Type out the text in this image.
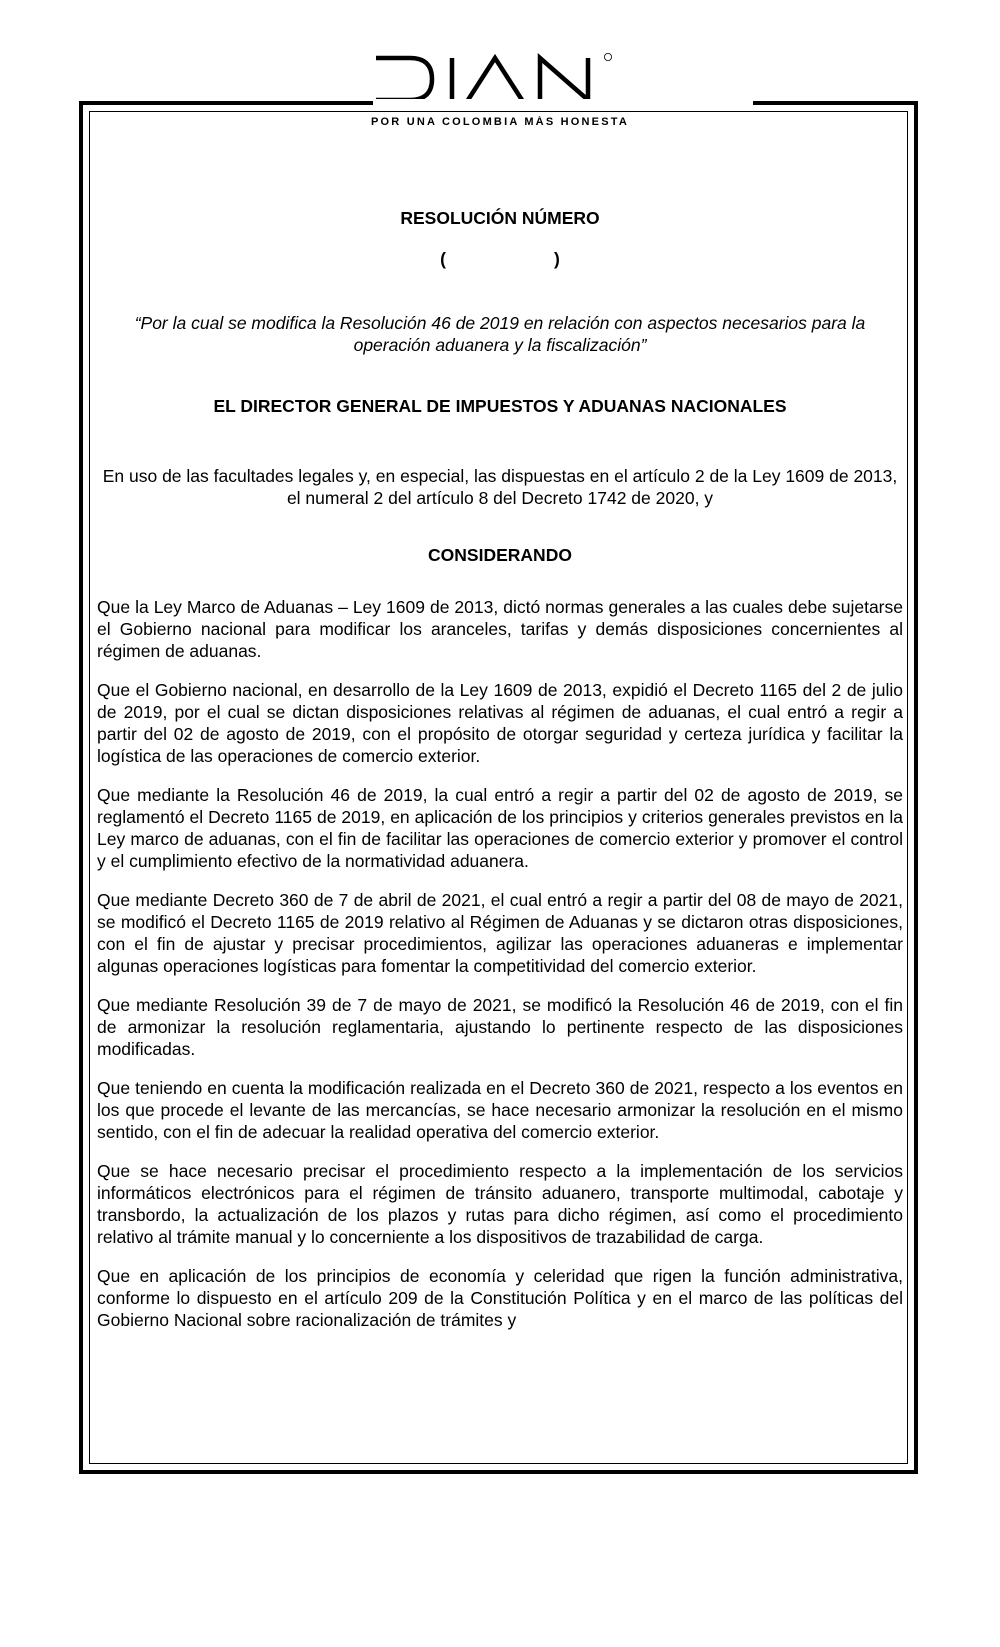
POR UNA COLOMBIA MÁS HONESTA

RESOLUCIÓN NÚMERO

(	)

“Por la cual se modifica la Resolución 46 de 2019 en relación con aspectos necesarios para la operación aduanera y la fiscalización”

EL DIRECTOR GENERAL DE IMPUESTOS Y ADUANAS NACIONALES

En uso de las facultades legales y, en especial, las dispuestas en el artículo 2 de la Ley 1609 de 2013, el numeral 2 del artículo 8 del Decreto 1742 de 2020, y

CONSIDERANDO

Que la Ley Marco de Aduanas – Ley 1609 de 2013, dictó normas generales a las cuales debe sujetarse el Gobierno nacional para modificar los aranceles, tarifas y demás disposiciones concernientes al régimen de aduanas.

Que el Gobierno nacional, en desarrollo de la Ley 1609 de 2013, expidió el Decreto 1165 del 2 de julio de 2019, por el cual se dictan disposiciones relativas al régimen de aduanas, el cual entró a regir a partir del 02 de agosto de 2019, con el propósito de otorgar seguridad y certeza jurídica y facilitar la logística de las operaciones de comercio exterior.

Que mediante la Resolución 46 de 2019, la cual entró a regir a partir del 02 de agosto de 2019, se reglamentó el Decreto 1165 de 2019, en aplicación de los principios y criterios generales previstos en la Ley marco de aduanas, con el fin de facilitar las operaciones de comercio exterior y promover el control y el cumplimiento efectivo de la normatividad aduanera.

Que mediante Decreto 360 de 7 de abril de 2021, el cual entró a regir a partir del 08 de mayo de 2021, se modificó el Decreto 1165 de 2019 relativo al Régimen de Aduanas y se dictaron otras disposiciones, con el fin de ajustar y precisar procedimientos, agilizar las operaciones aduaneras e implementar algunas operaciones logísticas para fomentar la competitividad del comercio exterior.

Que mediante Resolución 39 de 7 de mayo de 2021, se modificó la Resolución 46 de 2019, con el fin de armonizar la resolución reglamentaria, ajustando lo pertinente respecto de las disposiciones modificadas.

Que teniendo en cuenta la modificación realizada en el Decreto 360 de 2021, respecto a los eventos en los que procede el levante de las mercancías, se hace necesario armonizar la resolución en el mismo sentido, con el fin de adecuar la realidad operativa del comercio exterior.

Que se hace necesario precisar el procedimiento respecto a la implementación de los servicios informáticos electrónicos para el régimen de tránsito aduanero, transporte multimodal, cabotaje y transbordo, la actualización de los plazos y rutas para dicho régimen, así como el procedimiento relativo al trámite manual y lo concerniente a los dispositivos de trazabilidad de carga.

Que en aplicación de los principios de economía y celeridad que rigen la función administrativa, conforme lo dispuesto en el artículo 209 de la Constitución Política y en el marco de las políticas del Gobierno Nacional sobre racionalización de trámites y
